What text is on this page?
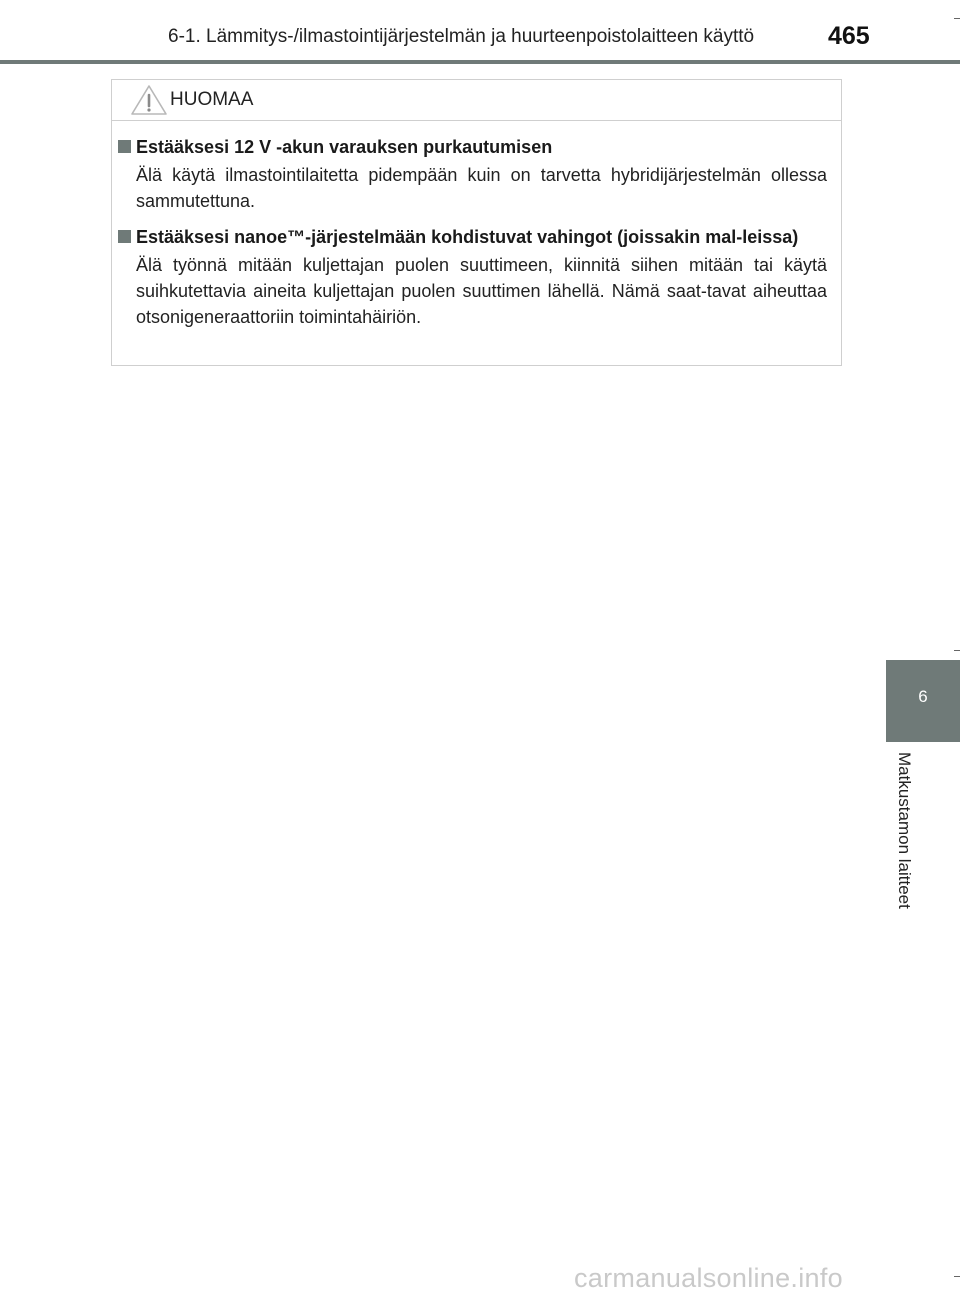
6-1. Lämmitys-/ilmastointijärjestelmän ja huurteenpoistolaitteen käyttö	465
6
Matkustamon laitteet
HUOMAA
Estääksesi 12 V -akun varauksen purkautumisen
Älä käytä ilmastointilaitetta pidempään kuin on tarvetta hybridijärjestelmän ollessa sammutettuna.
Estääksesi nanoe™-järjestelmään kohdistuvat vahingot (joissakin mal-leissa)
Älä työnnä mitään kuljettajan puolen suuttimeen, kiinnitä siihen mitään tai käytä suihkutettavia aineita kuljettajan puolen suuttimen lähellä. Nämä saat-tavat aiheuttaa otsonigeneraattoriin toimintahäiriön.
carmanualsonline.info
